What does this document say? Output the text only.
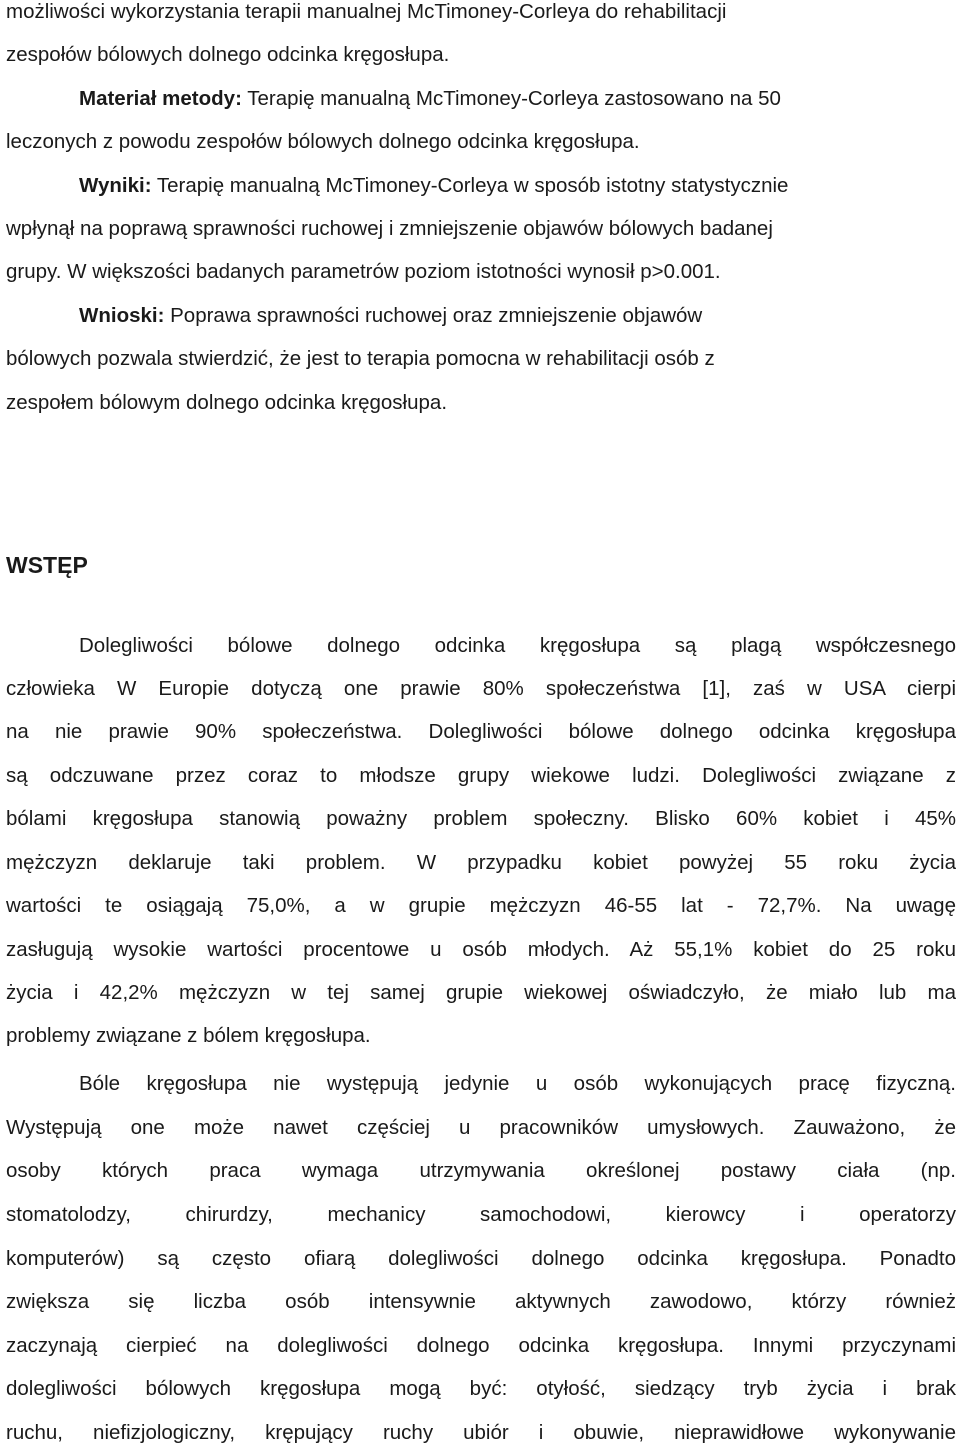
możliwości wykorzystania terapii manualnej McTimoney-Corleya do rehabilitacji
zespołów bólowych dolnego odcinka kręgosłupa.
Materiał metody: Terapię manualną McTimoney-Corleya zastosowano na 50
leczonych z powodu zespołów bólowych dolnego odcinka kręgosłupa.
Wyniki: Terapię manualną McTimoney-Corleya w sposób istotny statystycznie
wpłynął na poprawą sprawności ruchowej i zmniejszenie objawów bólowych badanej
grupy. W większości badanych parametrów poziom istotności wynosił p>0.001.
Wnioski: Poprawa sprawności ruchowej oraz zmniejszenie objawów
bólowych pozwala stwierdzić, że jest to terapia pomocna w rehabilitacji osób z
zespołem bólowym dolnego odcinka kręgosłupa.
WSTĘP
Dolegliwości bólowe dolnego odcinka kręgosłupa są plagą współczesnego
człowieka W Europie dotyczą one prawie 80% społeczeństwa [1], zaś w USA cierpi
na nie prawie 90% społeczeństwa. Dolegliwości bólowe dolnego odcinka kręgosłupa
są odczuwane przez coraz to młodsze grupy wiekowe ludzi. Dolegliwości związane z
bólami kręgosłupa stanowią poważny problem społeczny. Blisko 60% kobiet i 45%
mężczyzn deklaruje taki problem. W przypadku kobiet powyżej 55 roku życia
wartości te osiągają 75,0%, a w grupie mężczyzn 46-55 lat - 72,7%. Na uwagę
zasługują wysokie wartości procentowe u osób młodych. Aż 55,1% kobiet do 25 roku
życia i 42,2% mężczyzn w tej samej grupie wiekowej oświadczyło, że miało lub ma
problemy związane z bólem kręgosłupa.
Bóle kręgosłupa nie występują jedynie u osób wykonujących pracę fizyczną.
Występują one może nawet częściej u pracowników umysłowych. Zauważono, że
osoby których praca wymaga utrzymywania określonej postawy ciała (np.
stomatolodzy, chirurdzy, mechanicy samochodowi, kierowcy i operatorzy
komputerów) są często ofiarą dolegliwości dolnego odcinka kręgosłupa. Ponadto
zwiększa się liczba osób intensywnie aktywnych zawodowo, którzy również
zaczynają cierpieć na dolegliwości dolnego odcinka kręgosłupa. Innymi przyczynami
dolegliwości bólowych kręgosłupa mogą być: otyłość, siedzący tryb życia i brak
ruchu, niefizjologiczny, krępujący ruchy ubiór i obuwie, nieprawidłowe wykonywanie
